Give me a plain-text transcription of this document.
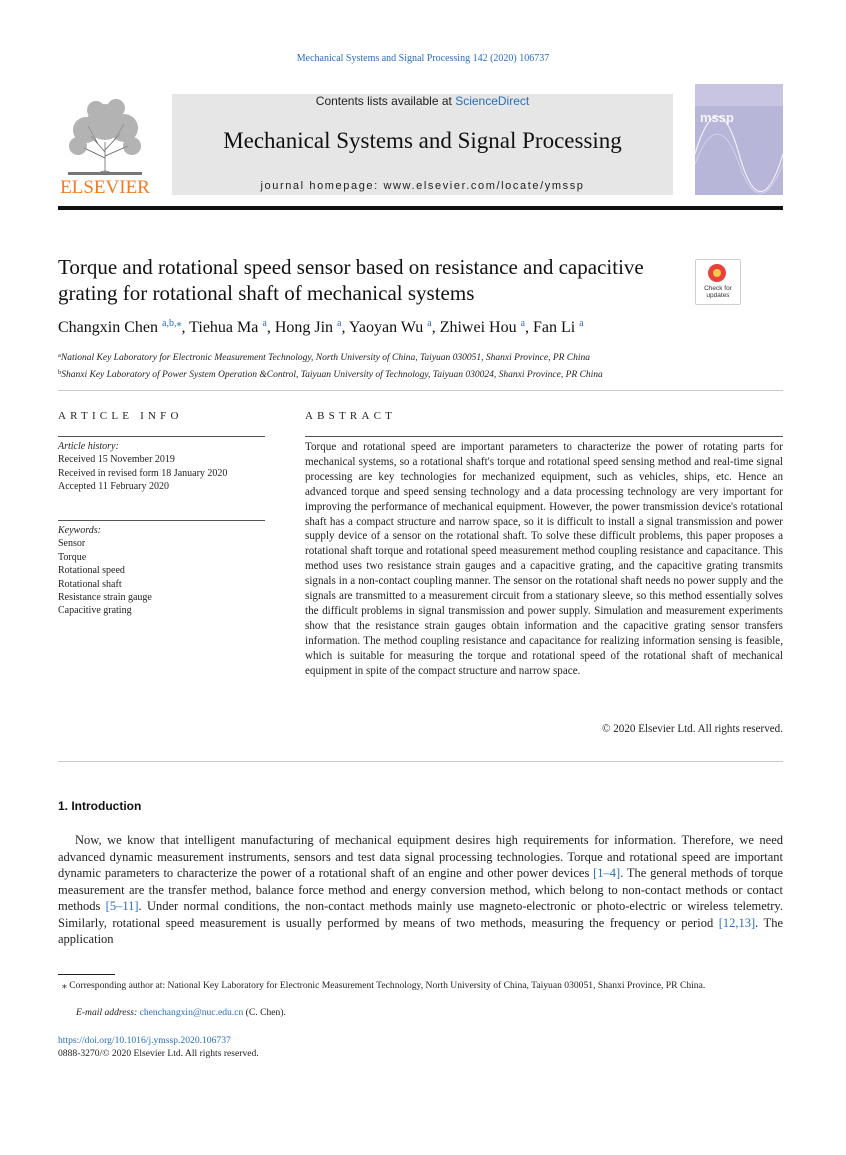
Mechanical Systems and Signal Processing 142 (2020) 106737
ELSEVIER
Contents lists available at ScienceDirect
Mechanical Systems and Signal Processing
journal homepage: www.elsevier.com/locate/ymssp
mssp
Torque and rotational speed sensor based on resistance and capacitive grating for rotational shaft of mechanical systems	Check for updates
Changxin Chen $^{a,b,⁎}$, Tiehua Ma $^a$, Hong Jin $^a$, Yaoyan Wu $^a$, Zhiwei Hou $^a$, Fan Li $^a$
$^a$National Key Laboratory for Electronic Measurement Technology, North University of China, Taiyuan 030051, Shanxi Province, PR China
$^b$Shanxi Key Laboratory of Power System Operation &Control, Taiyuan University of Technology, Taiyuan 030024, Shanxi Province, PR China
ARTICLE INFO	ABSTRACT
Article history:
Received 15 November 2019
Received in revised form 18 January 2020
Accepted 11 February 2020
Keywords:
Sensor
Torque
Rotational speed
Rotational shaft
Resistance strain gauge
Capacitive grating
Torque and rotational speed are important parameters to characterize the power of rotating parts for mechanical systems, so a rotational shaft's torque and rotational speed sensing method and real-time signal processing are key technologies for mechanized equipment, such as vehicles, ships, etc. Hence an advanced torque and speed sensing technology and a data processing technology are very important for improving the performance of mechanical equipment. However, the power transmission device's rotational shaft has a compact structure and narrow space, so it is difficult to install a signal transmission and power supply device of a sensor on the rotational shaft. To solve these difficult problems, this paper proposes a rotational shaft torque and rotational speed measurement method coupling resistance and capacitance. This method uses two resistance strain gauges and a capacitive grating, and the capacitive grating transmits signals in a non-contact coupling manner. The sensor on the rotational shaft needs no power supply and the signals are transmitted to a measurement circuit from a stationary sleeve, so this method essentially solves the difficult problems in signal transmission and power supply. Simulation and measurement experiments show that the resistance strain gauges obtain information and the capacitive grating sensor transfers information. The method coupling resistance and capacitance for realizing information sensing is feasible, which is suitable for measuring the torque and rotational speed of the rotational shaft of mechanical equipment in spite of the compact structure and narrow space.
© 2020 Elsevier Ltd. All rights reserved.
1. Introduction
Now, we know that intelligent manufacturing of mechanical equipment desires high requirements for information. Therefore, we need advanced dynamic measurement instruments, sensors and test data signal processing technologies. Torque and rotational speed are important dynamic parameters to characterize the power of a rotational shaft of an engine and other power devices [1–4]. The general methods of torque measurement are the transfer method, balance force method and energy conversion method, which belong to non-contact methods or contact methods [5–11]. Under normal conditions, the non-contact methods mainly use magneto-electronic or photo-electric or wireless telemetry. Similarly, rotational speed measurement is usually performed by means of two methods, measuring the frequency or period [12,13]. The application
⁎ Corresponding author at: National Key Laboratory for Electronic Measurement Technology, North University of China, Taiyuan 030051, Shanxi Province, PR China.
E-mail address: chenchangxin@nuc.edu.cn (C. Chen).
https://doi.org/10.1016/j.ymssp.2020.106737
0888-3270/© 2020 Elsevier Ltd. All rights reserved.
